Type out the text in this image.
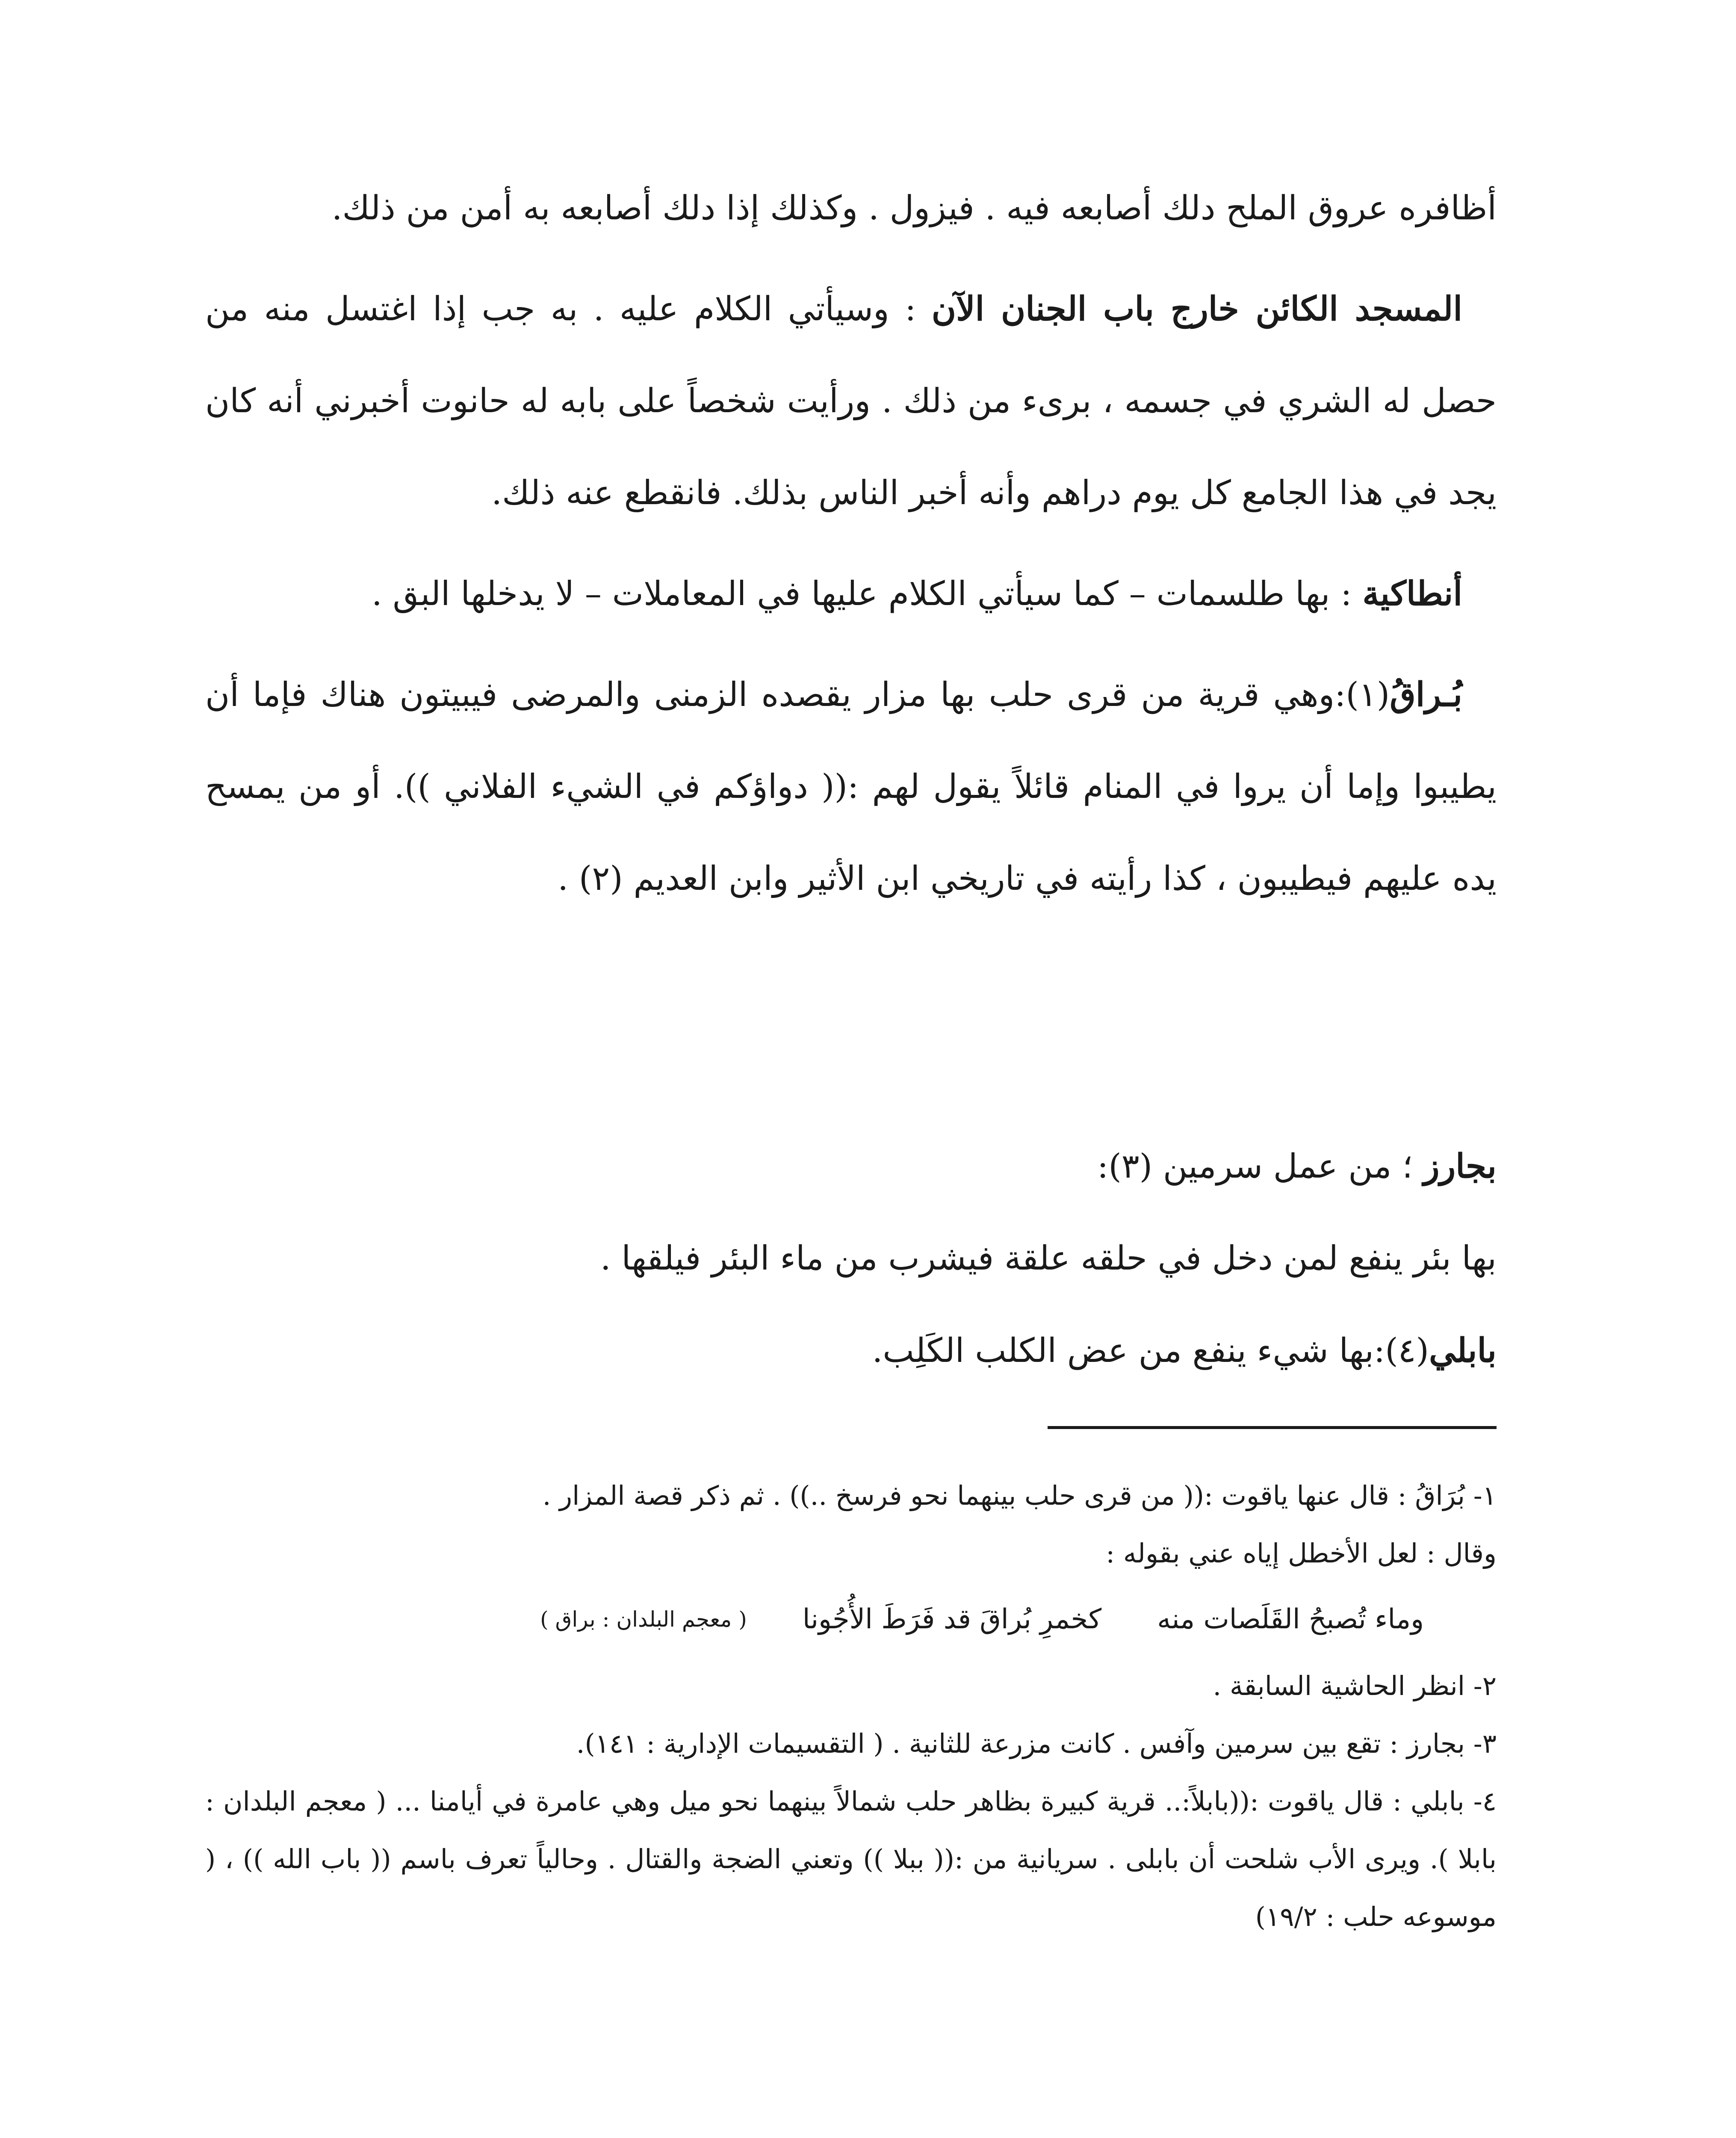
أظافره عروق الملح دلك أصابعه فيه . فيزول . وكذلك إذا دلك أصابعه به أمن من ذلك.

المسجد الكائن خارج باب الجنان الآن : وسيأتي الكلام عليه . به جب إذا اغتسل منه من حصل له الشري في جسمه ، برىء من ذلك . ورأيت شخصاً على بابه له حانوت أخبرني أنه كان يجد في هذا الجامع كل يوم دراهم وأنه أخبر الناس بذلك. فانقطع عنه ذلك.

أنطاكية : بها طلسمات – كما سيأتي الكلام عليها في المعاملات – لا يدخلها البق .

بُـراقُ(١):وهي قرية من قرى حلب بها مزار يقصده الزمنى والمرضى فيبيتون هناك فإما أن يطيبوا وإما أن يروا في المنام قائلاً يقول لهم :(( دواؤكم في الشيء الفلاني )). أو من يمسح يده عليهم فيطيبون ، كذا رأيته في تاريخي ابن الأثير وابن العديم (٢) .

بجارز ؛ من عمل سرمين (٣):

بها بئر ينفع لمن دخل في حلقه علقة فيشرب من ماء البئر فيلقها .

بابلي(٤):بها شيء ينفع من عض الكلب الكَلِب.

١- بُرَاقُ : قال عنها ياقوت :(( من قرى حلب بينهما نحو فرسخ ..)) . ثم ذكر قصة المزار .

وقال : لعل الأخطل إياه عني بقوله :

وماء تُصبحُ القَلَصات منه
كخمرِ بُراقَ قد فَرَطَ الأُجُونا
( معجم البلدان : براق )

٢- انظر الحاشية السابقة .

٣- بجارز : تقع بين سرمين وآفس . كانت مزرعة للثانية . ( التقسيمات الإدارية : ١٤١).

٤- بابلي : قال ياقوت :((بابلاً:.. قرية كبيرة بظاهر حلب شمالاً بينهما نحو ميل وهي عامرة في أيامنا ... ( معجم البلدان : بابلا ). ويرى الأب شلحت أن بابلى . سريانية من :(( ببلا )) وتعني الضجة والقتال . وحالياً تعرف باسم (( باب الله )) ، ( موسوعه حلب : ١٩/٢)
